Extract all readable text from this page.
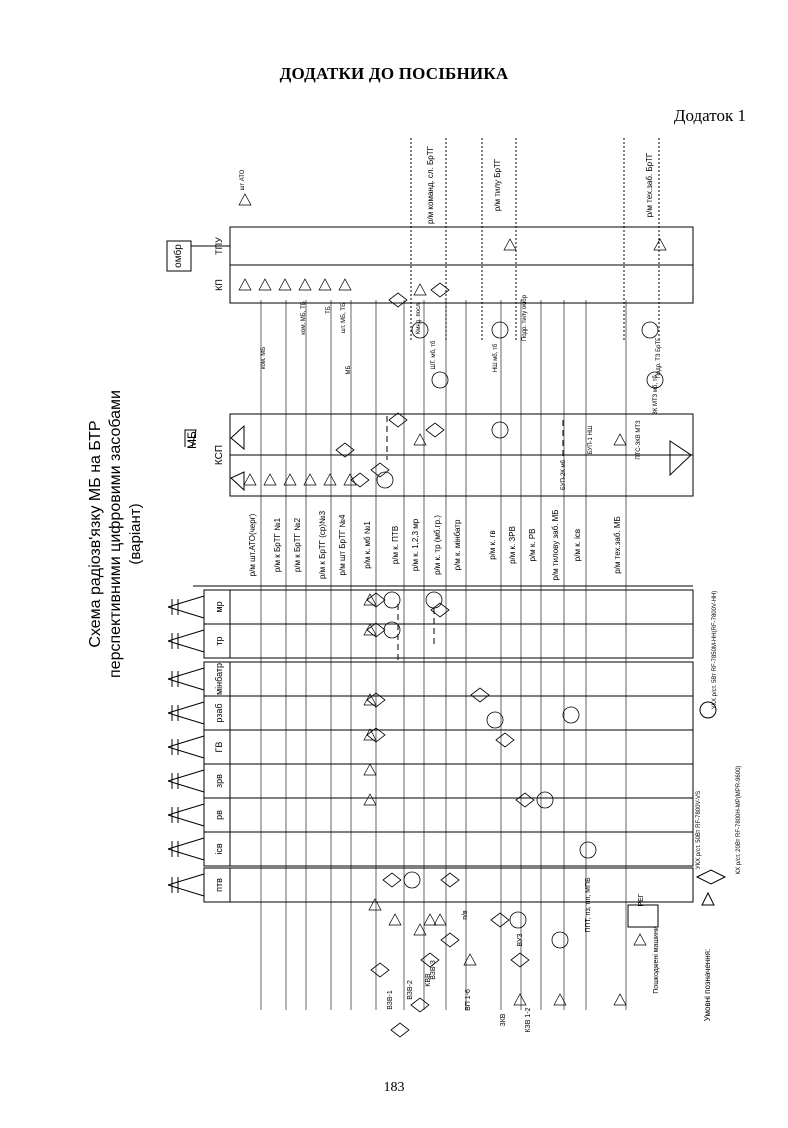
ДОДАТКИ ДО ПОСІБНИКА
Додаток 1
Схема радіозв'язку МБ на БТР перспективними цифровими засобами (варіант)
мр
тр
мінбатр
рзаб
ГВ
зрв
рв
ісв
птв
КСП
МБ
КП
ТПУ
омбр
р/м шт.АТО(черг) р/м к БрТГ №1 р/м к БрТГ №2 р/м к БрТГ (ср)№3 р/м шт БрТГ №4 р/м к. мб №1 р/м к. ПТВ р/м к. 1,2,3 мр р/м к. тр (мб.гр.) р/м к. мінбатр	р/м к. гв р/м к. ЗРВ р/м к. РВ р/м тилову заб. МБ р/м к. ісв	р/м тех.заб. МБ
р/м команд. сл. БрТГ	р/м тилу БрТГ	р/м тех.заб. БрТГ
БУП-1 НШ
БУП-2К мб
ПТС-ЗКВ МТЗ
НШ мб, тб
ШТ. мб, тб
Кмнд. посл.	Подр. тилу омбр
Подр. ТЗ БрТГ
ЗК МТЗ мб, тб
шт АТО
ком. МБ
ком. МБ, ТБ	шт. МБ, ТБ
ТБ
МБ
ВЗВ-1
ВЗВ-2
ВЗВ-3
ВП 1-6
КВВ
ЗКВ
п/в
ВУЗ
КЗВ 1-2
ППТ, пз, пп, МПБ	РЕГ
Пошкоджені машини	Умовні позначення:
УКХ р/ст. 50Вт RF-7800V-VS	КХ р/ст. 20Вт RF-7800H-MP(MPR-9600)
УКХ р/ст. 5Вт RF-7850M-HH(RF-7800V-HH)
183
